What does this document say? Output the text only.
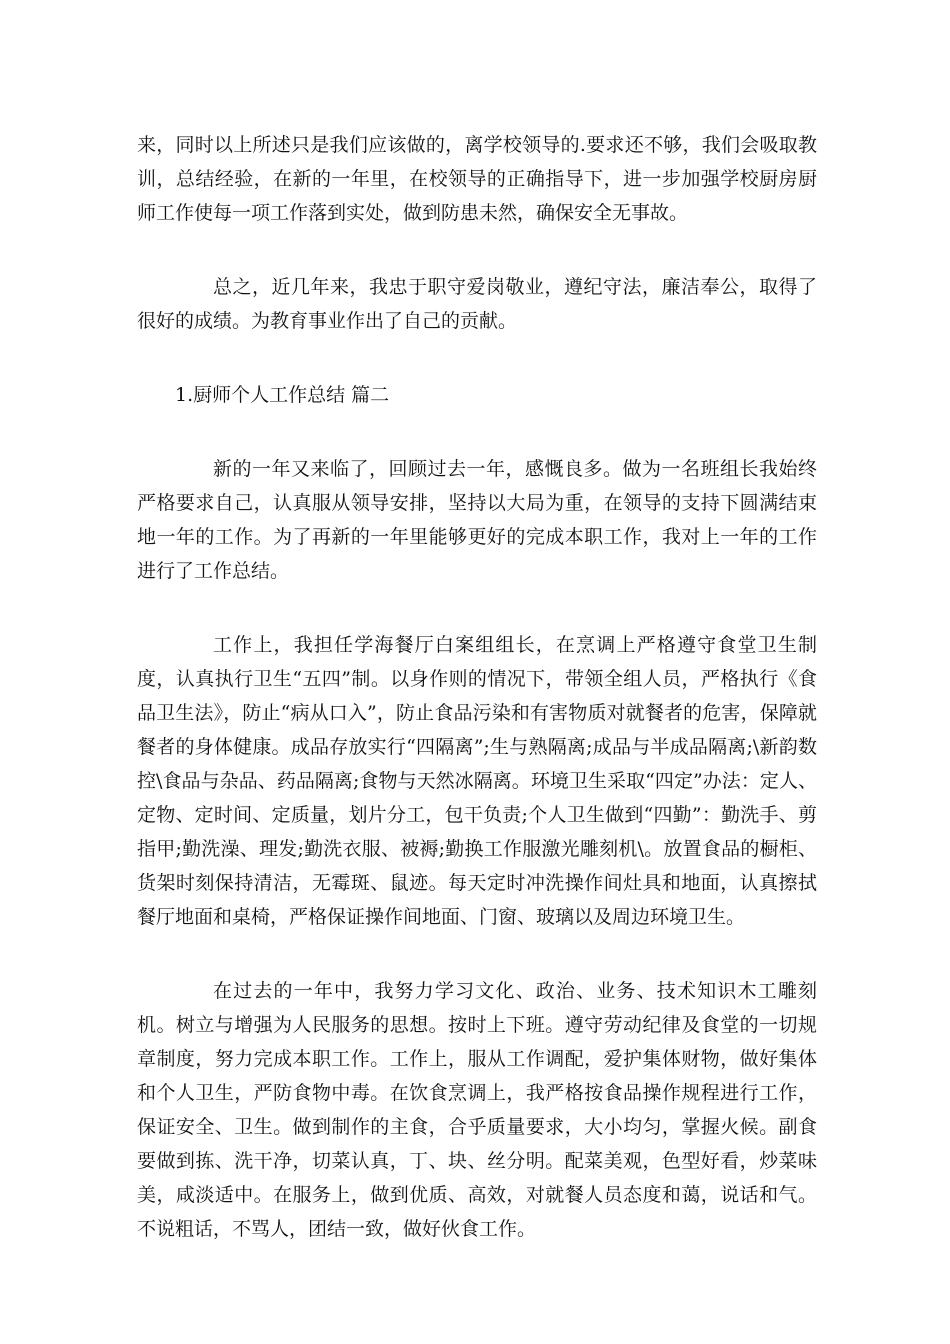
来，同时以上所述只是我们应该做的，离学校领导的.要求还不够，我们会吸取教训，总结经验，在新的一年里，在校领导的正确指导下，进一步加强学校厨房厨师工作使每一项工作落到实处，做到防患未然，确保安全无事故。

总之，近几年来，我忠于职守爱岗敬业，遵纪守法，廉洁奉公，取得了很好的成绩。为教育事业作出了自己的贡献。

1.厨师个人工作总结 篇二

新的一年又来临了，回顾过去一年，感慨良多。做为一名班组长我始终严格要求自己，认真服从领导安排，坚持以大局为重，在领导的支持下圆满结束地一年的工作。为了再新的一年里能够更好的完成本职工作，我对上一年的工作进行了工作总结。

工作上，我担任学海餐厅白案组组长，在烹调上严格遵守食堂卫生制度，认真执行卫生“五四”制。以身作则的情况下，带领全组人员，严格执行《食品卫生法》，防止“病从口入”，防止食品污染和有害物质对就餐者的危害，保障就餐者的身体健康。成品存放实行“四隔离”;生与熟隔离;成品与半成品隔离;\新韵数控\食品与杂品、药品隔离;食物与天然冰隔离。环境卫生采取“四定”办法：定人、定物、定时间、定质量，划片分工，包干负责;个人卫生做到“四勤”：勤洗手、剪指甲;勤洗澡、理发;勤洗衣服、被褥;勤换工作服激光雕刻机\。放置食品的橱柜、货架时刻保持清洁，无霉斑、鼠迹。每天定时冲洗操作间灶具和地面，认真擦拭餐厅地面和桌椅，严格保证操作间地面、门窗、玻璃以及周边环境卫生。

在过去的一年中，我努力学习文化、政治、业务、技术知识木工雕刻机。树立与增强为人民服务的思想。按时上下班。遵守劳动纪律及食堂的一切规章制度，努力完成本职工作。工作上，服从工作调配，爱护集体财物，做好集体和个人卫生，严防食物中毒。在饮食烹调上，我严格按食品操作规程进行工作，保证安全、卫生。做到制作的主食，合乎质量要求，大小均匀，掌握火候。副食要做到拣、洗干净，切菜认真，丁、块、丝分明。配菜美观，色型好看，炒菜味美，咸淡适中。在服务上，做到优质、高效，对就餐人员态度和蔼，说话和气。不说粗话，不骂人，团结一致，做好伙食工作。
